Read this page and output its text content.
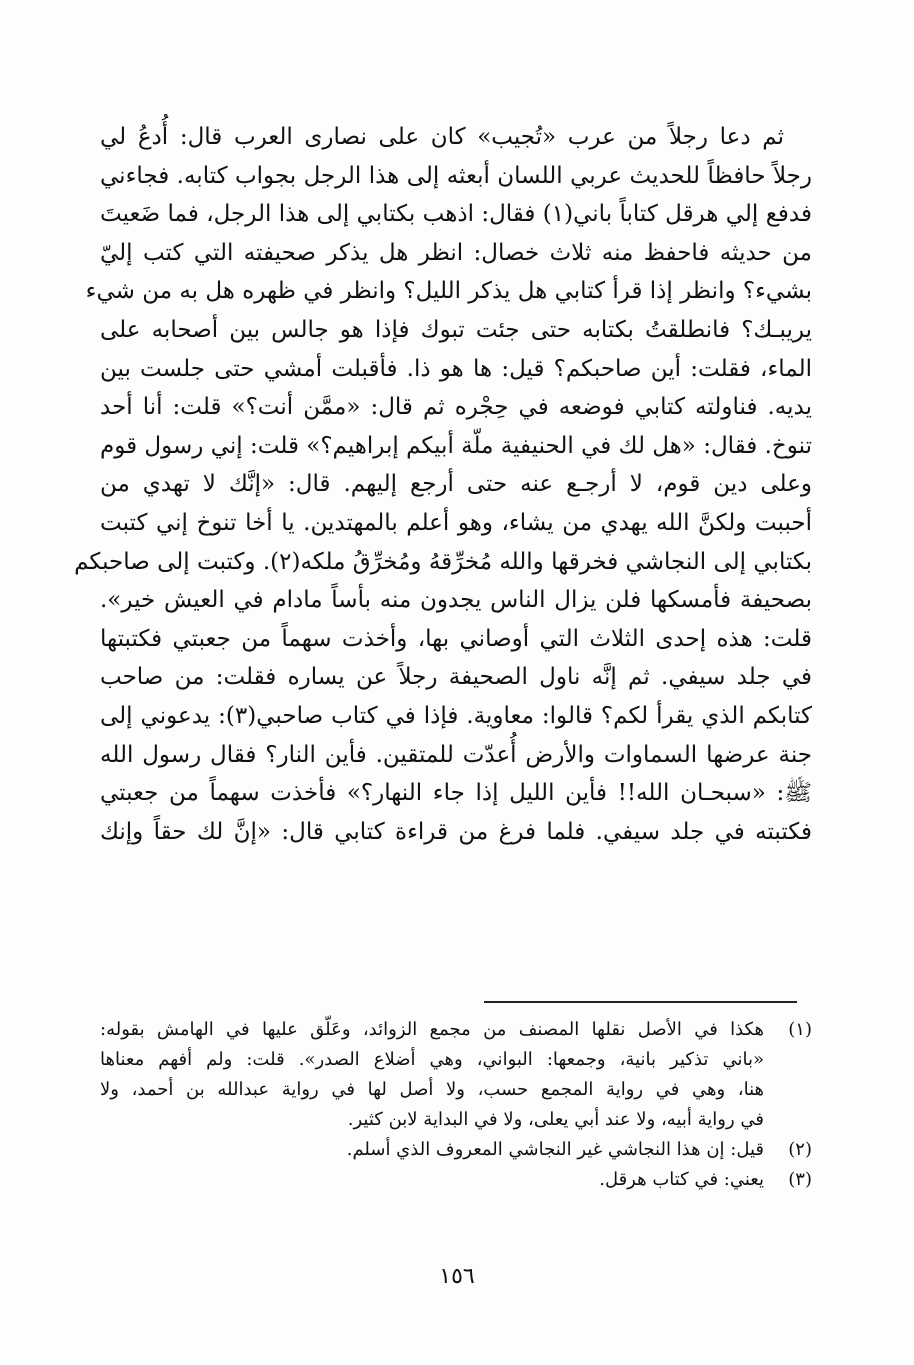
ثم دعا رجلاً من عرب «تُجيب» كان على نصارى العرب قال: أُدعُ لي
رجلاً حافظاً للحديث عربي اللسان أبعثه إلى هذا الرجل بجواب كتابه. فجاءني
فدفع إلي هرقل كتاباً باني(١) فقال: اذهب بكتابي إلى هذا الرجل، فما ضَعيتَ
من حديثه فاحفظ منه ثلاث خصال: انظر هل يذكر صحيفته التي كتب إليّ
بشيء؟ وانظر إذا قرأ كتابي هل يذكر الليل؟ وانظر في ظهره هل به من شيء
يريبـك؟ فانطلقتُ بكتابه حتى جئت تبوك فإذا هو جالس بين أصحابه على
الماء، فقلت: أين صاحبكم؟ قيل: ها هو ذا. فأقبلت أمشي حتى جلست بين
يديه. فناولته كتابي فوضعه في حِجْره ثم قال: «ممَّن أنت؟» قلت: أنا أحد
تنوخ. فقال: «هل لك في الحنيفية ملّة أبيكم إبراهيم؟» قلت: إني رسول قوم
وعلى دين قوم، لا أرجـع عنه حتى أرجع إليهم. قال: «إنَّك لا تهدي من
أحببت ولكنَّ الله يهدي من يشاء، وهو أعلم بالمهتدين. يا أخا تنوخ إني كتبت
بكتابي إلى النجاشي فخرقها والله مُخرِّقهُ ومُخرِّقُ ملكه(٢). وكتبت إلى صاحبكم
بصحيفة فأمسكها فلن يزال الناس يجدون منه بأساً مادام في العيش خير».
قلت: هذه إحدى الثلاث التي أوصاني بها، وأخذت سهماً من جعبتي فكتبتها
في جلد سيفي. ثم إنَّه ناول الصحيفة رجلاً عن يساره فقلت: من صاحب
كتابكم الذي يقرأ لكم؟ قالوا: معاوية. فإذا في كتاب صاحبي(٣): يدعوني إلى
جنة عرضها السماوات والأرض أُعدّت للمتقين. فأين النار؟ فقال رسول الله
ﷺ: «سبحـان الله!! فأين الليل إذا جاء النهار؟» فأخذت سهماً من جعبتي
فكتبته في جلد سيفي. فلما فرغ من قراءة كتابي قال: «إنَّ لك حقاً وإنك
(١)
هكذا في الأصل نقلها المصنف من مجمع الزوائد، وعَلّق عليها في الهامش بقوله:
«باني تذكير بانية، وجمعها: البواني، وهي أضلاع الصدر». قلت: ولم أفهم معناها
هنا، وهي في رواية المجمع حسب، ولا أصل لها في رواية عبدالله بن أحمد، ولا
في رواية أبيه، ولا عند أبي يعلى، ولا في البداية لابن كثير.
(٢)
قيل: إن هذا النجاشي غير النجاشي المعروف الذي أسلم.
(٣)
يعني: في كتاب هرقل.
١٥٦
